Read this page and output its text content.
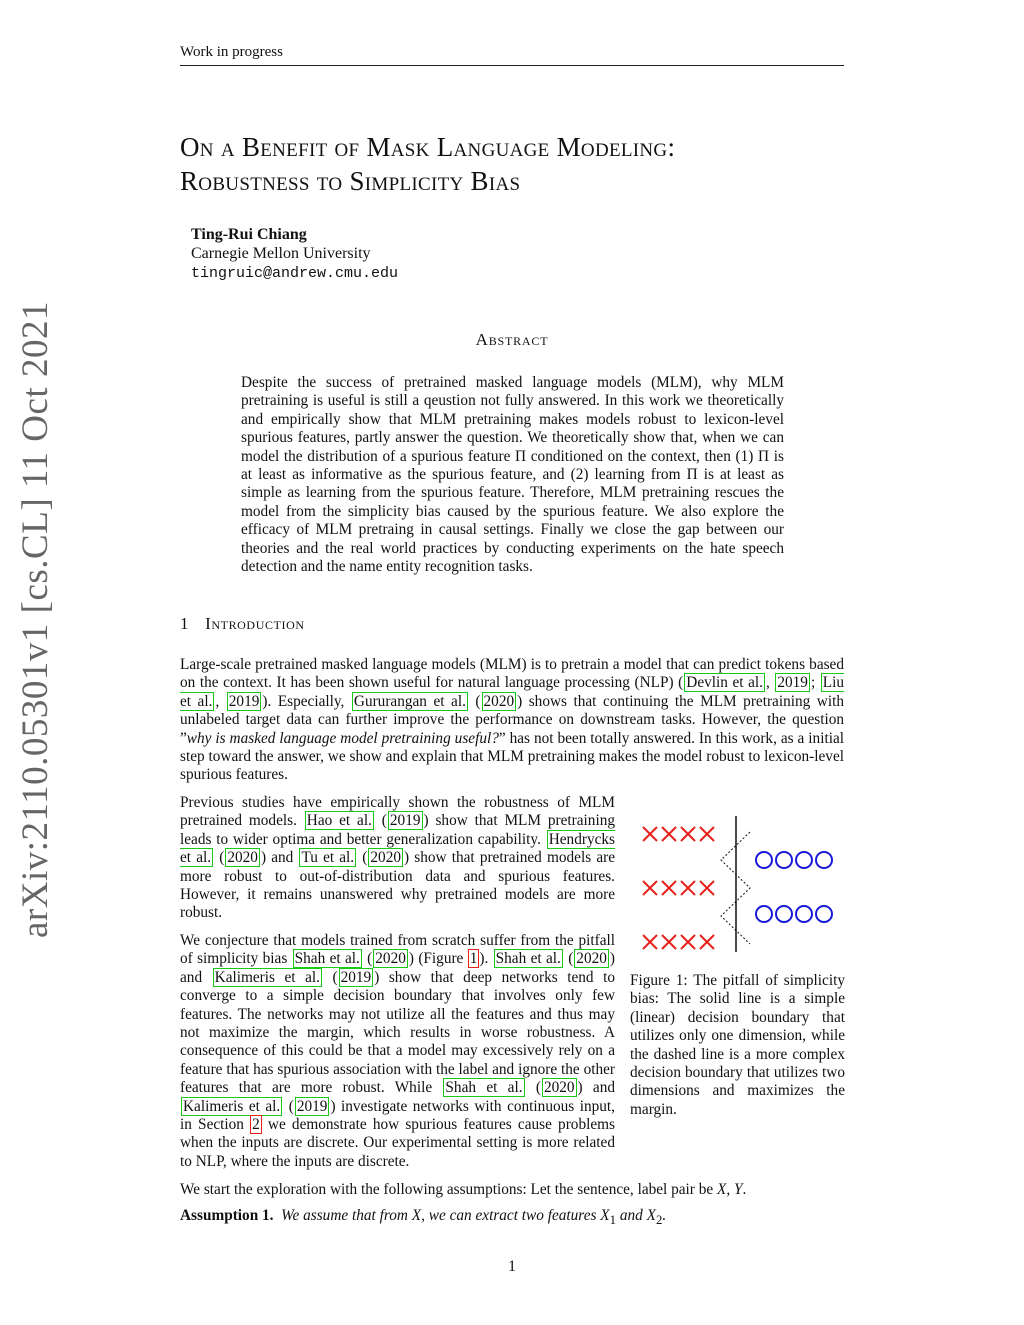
Work in progress
On a Benefit of Mask Language Modeling:
Robustness to Simplicity Bias
Ting-Rui Chiang
Carnegie Mellon University
tingruic@andrew.cmu.edu
arXiv:2110.05301v1 [cs.CL] 11 Oct 2021	Abstract
Despite the success of pretrained masked language models (MLM), why MLM pretraining is useful is still a qeustion not fully answered. In this work we theoretically and empirically show that MLM pretraining makes models robust to lexicon-level spurious features, partly answer the question. We theoretically show that, when we can model the distribution of a spurious feature Π conditioned on the context, then (1) Π is at least as informative as the spurious feature, and (2) learning from Π is at least as simple as learning from the spurious feature. Therefore, MLM pretraining rescues the model from the simplicity bias caused by the spurious feature. We also explore the efficacy of MLM pretraing in causal settings. Finally we close the gap between our theories and the real world practices by conducting experiments on the hate speech detection and the name entity recognition tasks.
1 Introduction
Large-scale pretrained masked language models (MLM) is to pretrain a model that can predict tokens based on the context. It has been shown useful for natural language processing (NLP) ( Devlin et al. , 2019 ; Liu et al. , 2019 ). Especially, Gururangan et al. ( 2020 ) shows that continuing the MLM pretraining with unlabeled target data can further improve the performance on downstream tasks. However, the question ”why is masked language model pretraining useful?” has not been totally answered. In this work, as a initial step toward the answer, we show and explain that MLM pretraining makes the model robust to lexicon-level spurious features.
Previous studies have empirically shown the robustness of MLM pretrained models. Hao et al. ( 2019 ) show that MLM pretraining leads to wider optima and better generalization capability. Hendrycks et al. ( 2020 ) and Tu et al. ( 2020 ) show that pretrained models are more robust to out-of-distribution data and spurious features. However, it remains unanswered why pretrained models are more robust.
We conjecture that models trained from scratch suffer from the pitfall of simplicity bias Shah et al. ( 2020 ) (Figure 1 ). Shah et al. ( 2020 ) and Kalimeris et al. ( 2019 ) show that deep networks tend to converge to a simple decision boundary that involves only few features. The networks may not utilize all the features and thus may not maximize the margin, which results in worse robustness. A consequence of this could be that a model may excessively rely on a feature that has spurious association with the label and ignore the other features that are more robust. While Shah et al. ( 2020 ) and Kalimeris et al. ( 2019 ) investigate networks with continuous input, in Section 2 we demonstrate how spurious features cause problems when the inputs are discrete. Our experimental setting is more related to NLP, where the inputs are discrete.
Figure 1: The pitfall of simplicity bias: The solid line is a simple (linear) decision boundary that utilizes only one dimension, while the dashed line is a more complex decision boundary that utilizes two dimensions and maximizes the margin.
We start the exploration with the following assumptions: Let the sentence, label pair be X, Y.
Assumption 1. We assume that from X, we can extract two features $X_1$ and $X_2$.
1
